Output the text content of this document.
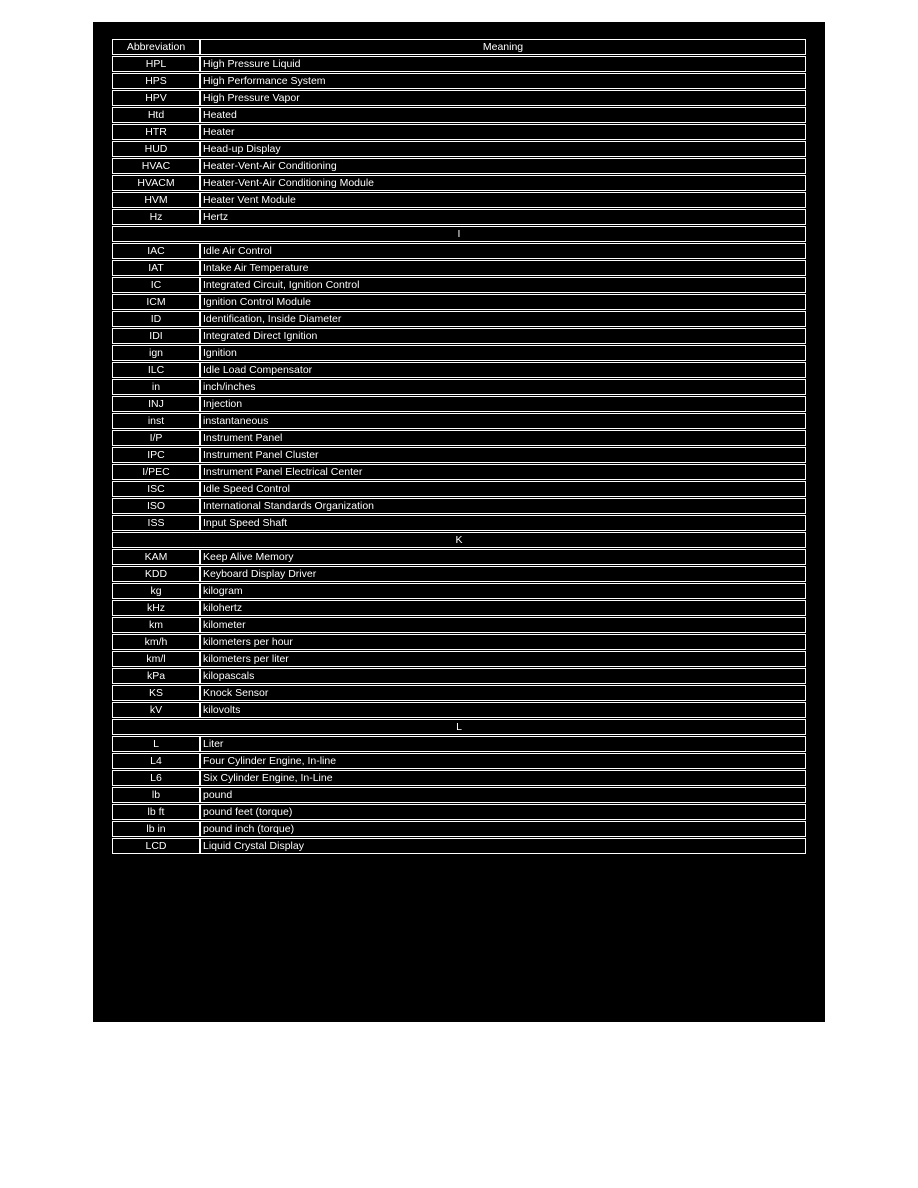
Abbreviation	Meaning
HPL	High Pressure Liquid
HPS	High Performance System
HPV	High Pressure Vapor
Htd	Heated
HTR	Heater
HUD	Head-up Display
HVAC	Heater-Vent-Air Conditioning
HVACM	Heater-Vent-Air Conditioning Module
HVM	Heater Vent Module
Hz	Hertz
I	
IAC	Idle Air Control
IAT	Intake Air Temperature
IC	Integrated Circuit, Ignition Control
ICM	Ignition Control Module
ID	Identification, Inside Diameter
IDI	Integrated Direct Ignition
ign	Ignition
ILC	Idle Load Compensator
in	inch/inches
INJ	Injection
inst	instantaneous
I/P	Instrument Panel
IPC	Instrument Panel Cluster
I/PEC	Instrument Panel Electrical Center
ISC	Idle Speed Control
ISO	International Standards Organization
ISS	Input Speed Shaft
K	
KAM	Keep Alive Memory
KDD	Keyboard Display Driver
kg	kilogram
kHz	kilohertz
km	kilometer
km/h	kilometers per hour
km/l	kilometers per liter
kPa	kilopascals
KS	Knock Sensor
kV	kilovolts
L	
L	Liter
L4	Four Cylinder Engine, In-line
L6	Six Cylinder Engine, In-Line
lb	pound
lb ft	pound feet (torque)
lb in	pound inch (torque)
LCD	Liquid Crystal Display
